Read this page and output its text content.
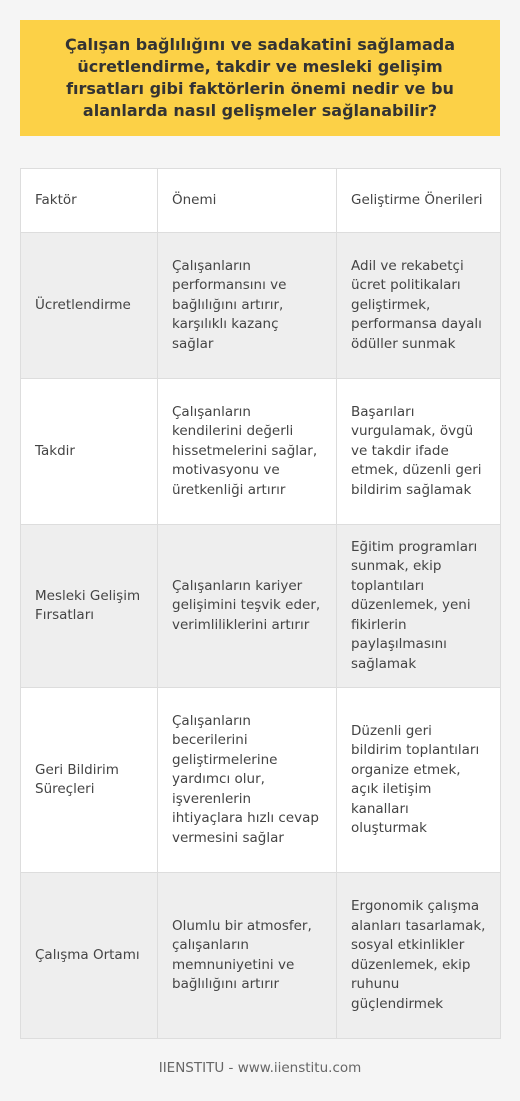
Çalışan bağlılığını ve sadakatini sağlamada ücretlendirme, takdir ve mesleki gelişim fırsatları gibi faktörlerin önemi nedir ve bu alanlarda nasıl gelişmeler sağlanabilir?
Faktör	Önemi	Geliştirme Önerileri
Ücretlendirme	Çalışanların performansını ve bağlılığını artırır, karşılıklı kazanç sağlar	Adil ve rekabetçi ücret politikaları geliştirmek, performansa dayalı ödüller sunmak
Takdir	Çalışanların kendilerini değerli hissetmelerini sağlar, motivasyonu ve üretkenliği artırır	Başarıları vurgulamak, övgü ve takdir ifade etmek, düzenli geri bildirim sağlamak
Mesleki Gelişim Fırsatları	Çalışanların kariyer gelişimini teşvik eder, verimliliklerini artırır	Eğitim programları sunmak, ekip toplantıları düzenlemek, yeni fikirlerin paylaşılmasını sağlamak
Geri Bildirim Süreçleri	Çalışanların becerilerini geliştirmelerine yardımcı olur, işverenlerin ihtiyaçlara hızlı cevap vermesini sağlar	Düzenli geri bildirim toplantıları organize etmek, açık iletişim kanalları oluşturmak
Çalışma Ortamı	Olumlu bir atmosfer, çalışanların memnuniyetini ve bağlılığını artırır	Ergonomik çalışma alanları tasarlamak, sosyal etkinlikler düzenlemek, ekip ruhunu güçlendirmek
IIENSTITU - www.iienstitu.com
